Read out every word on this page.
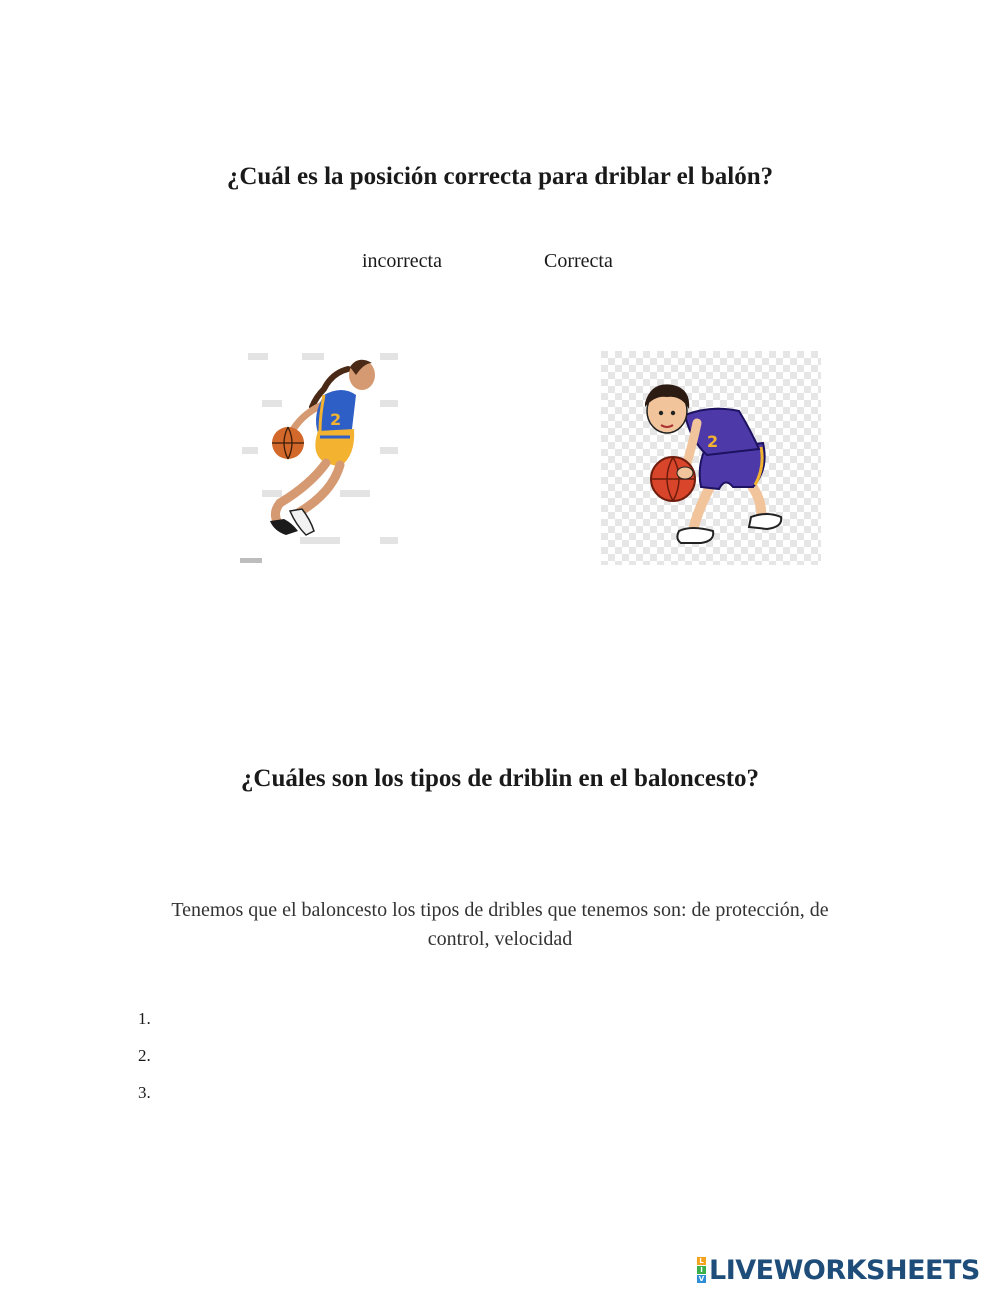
¿Cuál es la posición correcta para driblar el balón?
incorrecta	Correcta
2
2
¿Cuáles son los tipos de driblin en el baloncesto?
Tenemos que el baloncesto los tipos de dribles que tenemos son: de protección, de control, velocidad
1.
2.
3.
L
I
V LIVEWORKSHEETS
